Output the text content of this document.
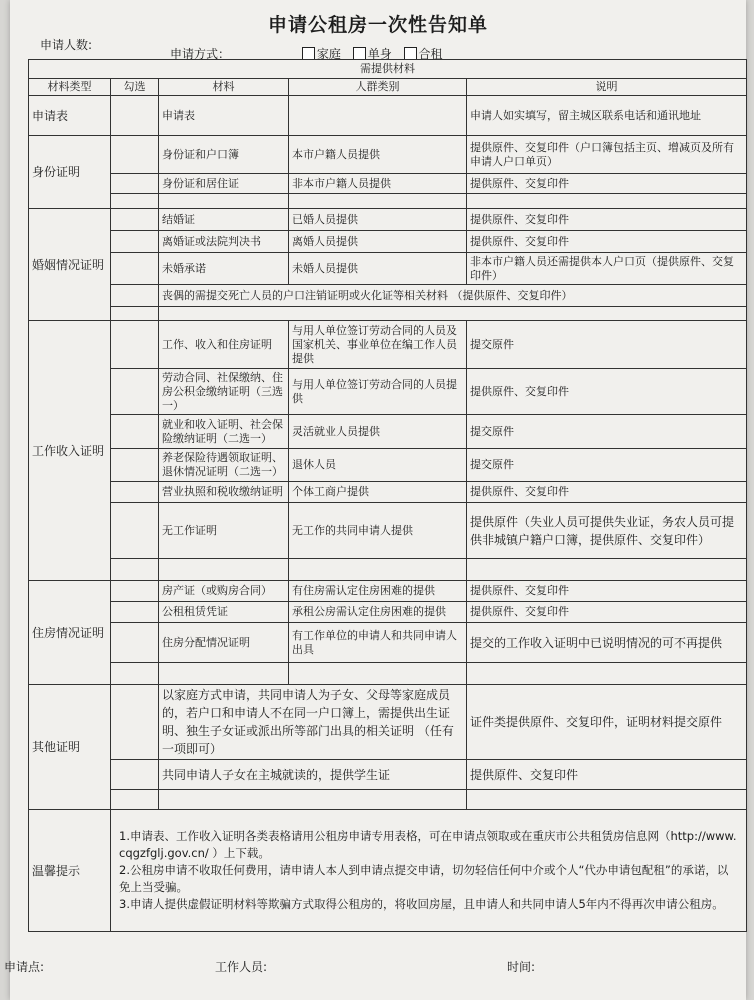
申请公租房一次性告知单
申请人数:
申请方式：	家庭 单身 合租
需提供材料				
材料类型	勾选	材料	人群类别	说明
申请表		申请表		申请人如实填写，留主城区联系电话和通讯地址
身份证明		身份证和户口簿	本市户籍人员提供	提供原件、交复印件（户口簿包括主页、增减页及所有申请人户口单页）
		身份证和居住证	非本市户籍人员提供	提供原件、交复印件

婚姻情况证明		结婚证	已婚人员提供	提供原件、交复印件
		离婚证或法院判决书	离婚人员提供	提供原件、交复印件
		未婚承诺	未婚人员提供	非本市户籍人员还需提供本人户口页（提供原件、交复印件）
		丧偶的需提交死亡人员的户口注销证明或火化证等相关材料 （提供原件、交复印件）		

工作收入证明		工作、收入和住房证明	与用人单位签订劳动合同的人员及国家机关、事业单位在编工作人员提供	提交原件
		劳动合同、社保缴纳、住房公积金缴纳证明（三选一）	与用人单位签订劳动合同的人员提供	提供原件、交复印件
		就业和收入证明、社会保险缴纳证明（二选一）	灵活就业人员提供	提交原件
		养老保险待遇领取证明、退休情况证明（二选一）	退休人员	提交原件
		营业执照和税收缴纳证明	个体工商户提供	提供原件、交复印件
		无工作证明	无工作的共同申请人提供	提供原件（失业人员可提供失业证，务农人员可提供非城镇户籍户口簿，提供原件、交复印件）

住房情况证明		房产证（或购房合同）	有住房需认定住房困难的提供	提供原件、交复印件
		公租租赁凭证	承租公房需认定住房困难的提供	提供原件、交复印件
		住房分配情况证明	有工作单位的申请人和共同申请人出具	提交的工作收入证明中已说明情况的可不再提供

其他证明		以家庭方式申请，共同申请人为子女、父母等家庭成员的，若户口和申请人不在同一户口簿上，需提供出生证明、独生子女证或派出所等部门出具的相关证明 （任有一项即可）		证件类提供原件、交复印件，证明材料提交原件
		共同申请人子女在主城就读的，提供学生证		提供原件、交复印件

温馨提示	1.申请表、工作收入证明各类表格请用公租房申请专用表格，可在申请点领取或在重庆市公共租赁房信息网（http://www.cqgzfglj.gov.cn/ ）上下载。
2.公租房申请不收取任何费用，请申请人本人到申请点提交申请，切勿轻信任何中介或个人“代办申请包配租”的承诺，以免上当受骗。
3.申请人提供虚假证明材料等欺骗方式取得公租房的，将收回房屋，且申请人和共同申请人5年内不得再次申请公租房。			
申请点:	工作人员:	时间:
